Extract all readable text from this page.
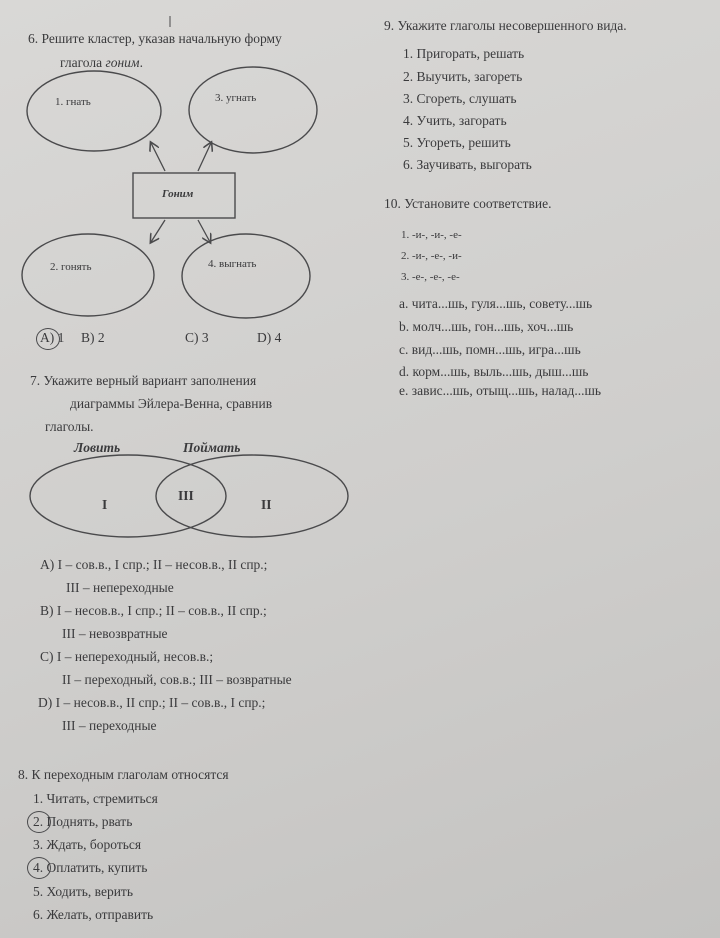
6. Решите кластер, указав начальную форму
глагола гоним.
1. гнать	3. угнать
Гоним
2. гонять	4. выгнать
A) 1 B) 2	C) 3	D) 4
7. Укажите верный вариант заполнения
диаграммы Эйлера-Венна, сравнив
глаголы.
Ловить	Поймать
I
III
II
A) I – сов.в., I спр.; II – несов.в., II спр.;
III – непереходные
B) I – несов.в., I спр.; II – сов.в., II спр.;
III – невозвратные
C) I – непереходный, несов.в.;
II – переходный, сов.в.; III – возвратные
D) I – несов.в., II спр.; II – сов.в., I спр.;
III – переходные
8. К переходным глаголам относятся
1. Читать, стремиться
2. Поднять, рвать
3. Ждать, бороться
4. Оплатить, купить
5. Ходить, верить
6. Желать, отправить
9. Укажите глаголы несовершенного вида.
1. Пригорать, решать
2. Выучить, загореть
3. Сгореть, слушать
4. Учить, загорать
5. Угореть, решить
6. Заучивать, выгорать
10. Установите соответствие.
1. -и-, -и-, -е-
2. -и-, -е-, -и-
3. -е-, -е-, -е-
a. чита...шь, гуля...шь, совету...шь
b. молч...шь, гон...шь, хоч...шь
c. вид...шь, помн...шь, игра...шь
d. корм...шь, выль...шь, дыш...шь
e. завис...шь, отыщ...шь, налад...шь
